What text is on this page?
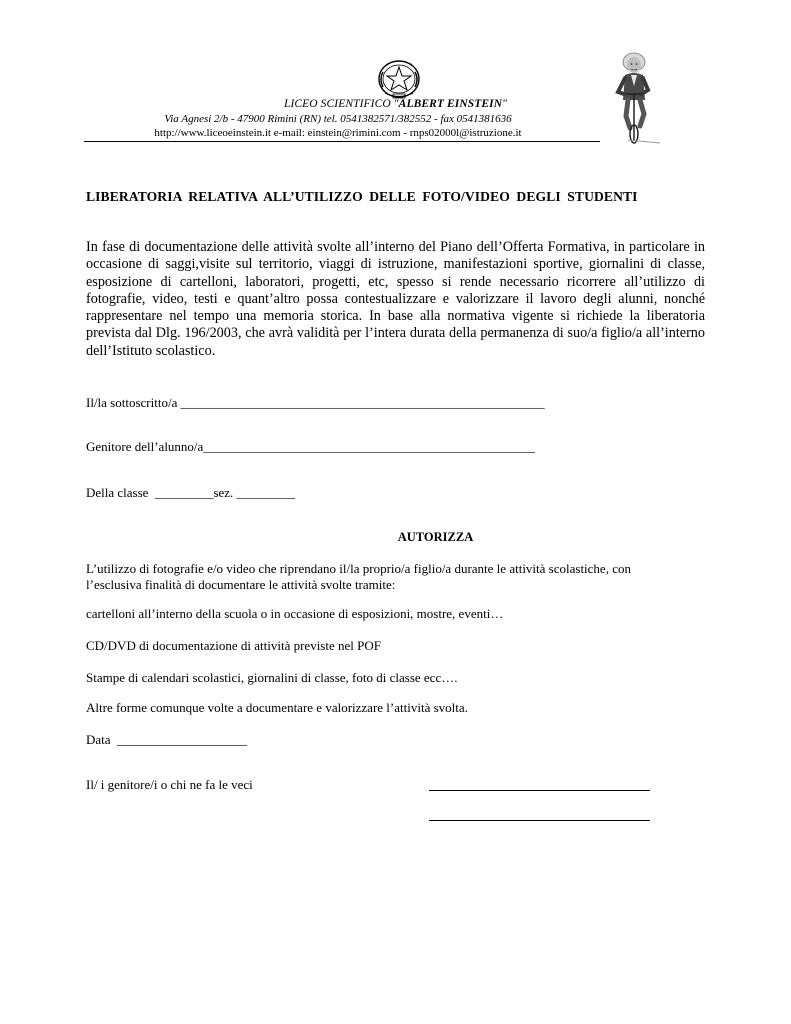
LICEO SCIENTIFICO "ALBERT EINSTEIN"
Via Agnesi 2/b - 47900 Rimini (RN) tel. 0541382571/382552 - fax 0541381636
http://www.liceoeinstein.it e-mail: einstein@rimini.com - rnps02000l@istruzione.it
LIBERATORIA RELATIVA ALL’UTILIZZO DELLE FOTO/VIDEO DEGLI STUDENTI
In fase di documentazione delle attività svolte all’interno del Piano dell’Offerta Formativa, in particolare in occasione di saggi,visite sul territorio, viaggi di istruzione, manifestazioni sportive, giornalini di classe, esposizione di cartelloni, laboratori, progetti, etc, spesso si rende necessario ricorrere all’utilizzo di fotografie, video, testi e quant’altro possa contestualizzare e valorizzare il lavoro degli alunni, nonché rappresentare nel tempo una memoria storica. In base alla normativa vigente si richiede la liberatoria prevista dal Dlg. 196/2003, che avrà validità per l’intera durata della permanenza di suo/a figlio/a all’interno dell’Istituto scolastico.
Il/la sottoscritto/a ________________________________________________________
Genitore dell’alunno/a___________________________________________________
Della classe  _________sez. _________
AUTORIZZA
L’utilizzo di fotografie e/o video che riprendano il/la proprio/a figlio/a durante le attività scolastiche, con l’esclusiva finalità di documentare le attività svolte tramite:
cartelloni all’interno della scuola o in occasione di esposizioni, mostre, eventi…
CD/DVD di documentazione di attività previste nel POF
Stampe di calendari scolastici, giornalini di classe, foto di classe ecc….
Altre forme comunque volte a documentare e valorizzare l’attività svolta.
Data  ____________________
Il/ i genitore/i o chi ne fa le veci
